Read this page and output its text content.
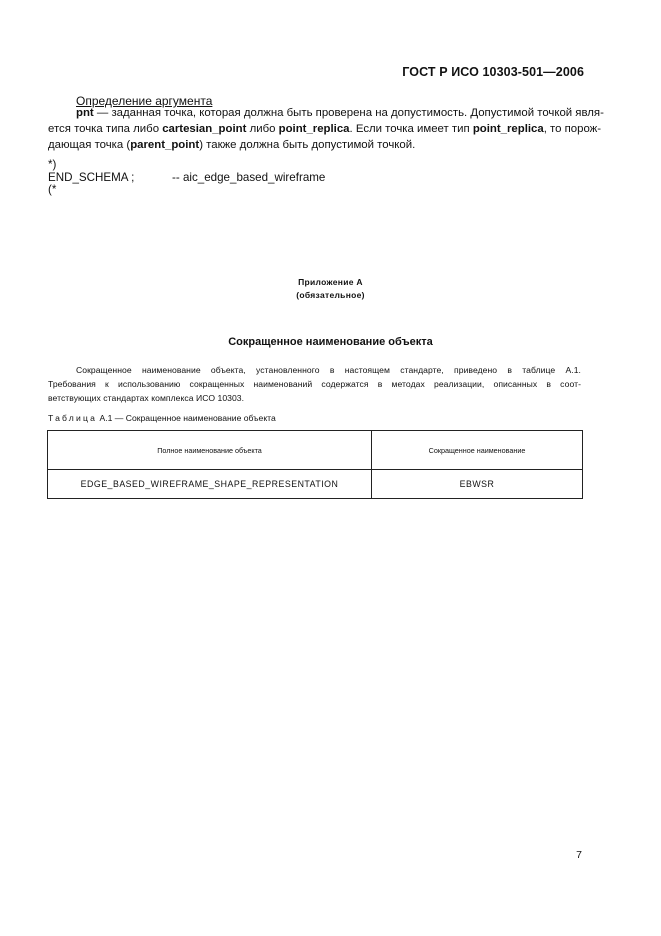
ГОСТ Р ИСО 10303-501—2006
Определение аргумента
pnt — заданная точка, которая должна быть проверена на допустимость. Допустимой точкой явля-
ется точка типа либо cartesian_point либо point_replica. Если точка имеет тип point_replica, то порож-
дающая точка (parent_point) также должна быть допустимой точкой.
*)
END_SCHEMA ;	-- aic_edge_based_wireframe
(*
Приложение А
(обязательное)
Сокращенное наименование объекта
Сокращенное наименование объекта, установленного в настоящем стандарте, приведено в таблице А.1.
Требования к использованию сокращенных наименований содержатся в методах реализации, описанных в соот-
ветствующих стандартах комплекса ИСО 10303.
Таблица А.1 — Сокращенное наименование объекта
Полное наименование объекта	Сокращенное наименование
EDGE_BASED_WIREFRAME_SHAPE_REPRESENTATION	EBWSR
7
